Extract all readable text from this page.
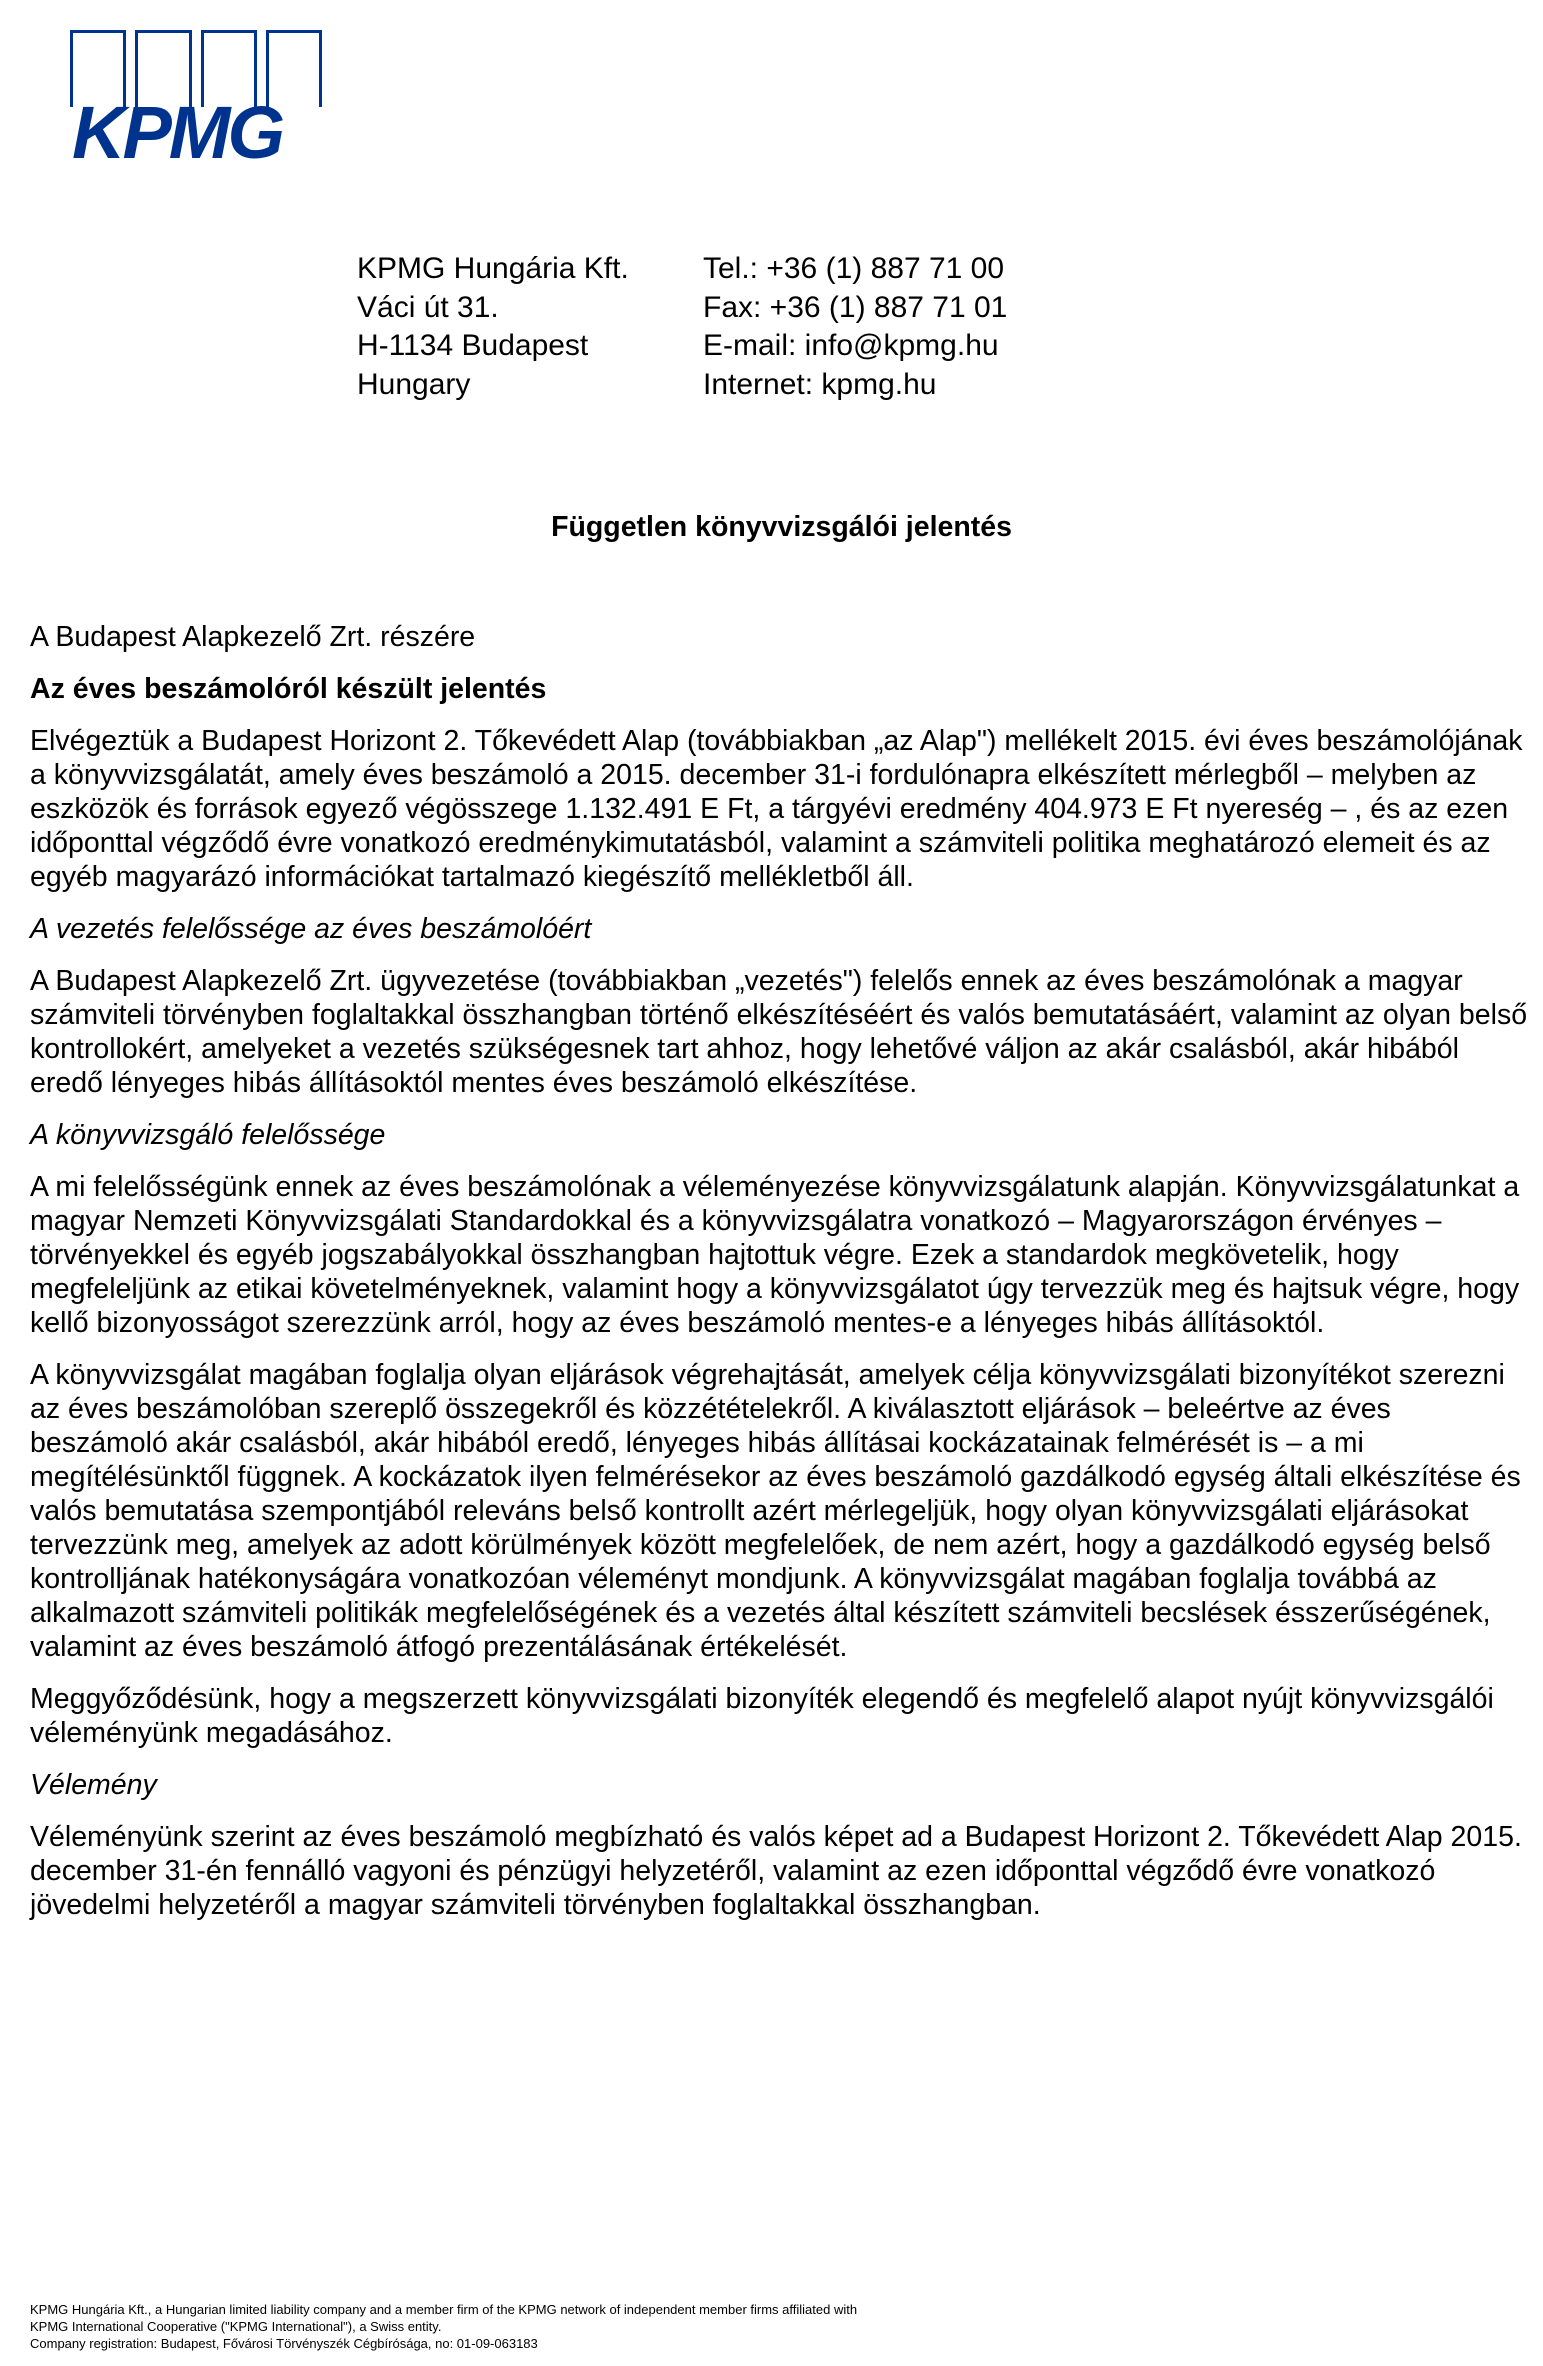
KPMG
KPMG Hungária Kft.	Tel.: +36 (1) 887 71 00
Váci út 31.	Fax: +36 (1) 887 71 01
H-1134 Budapest	E-mail: info@kpmg.hu
Hungary	Internet: kpmg.hu
Független könyvvizsgálói jelentés

A Budapest Alapkezelő Zrt. részére

Az éves beszámolóról készült jelentés

Elvégeztük a Budapest Horizont 2. Tőkevédett Alap (továbbiakban „az Alap") mellékelt 2015. évi éves beszámolójának a könyvvizsgálatát, amely éves beszámoló a 2015. december 31-i fordulónapra elkészített mérlegből – melyben az eszközök és források egyező végösszege 1.132.491 E Ft, a tárgyévi eredmény 404.973 E Ft nyereség – , és az ezen időponttal végződő évre vonatkozó eredménykimutatásból, valamint a számviteli politika meghatározó elemeit és az egyéb magyarázó információkat tartalmazó kiegészítő mellékletből áll.

A vezetés felelőssége az éves beszámolóért

A Budapest Alapkezelő Zrt. ügyvezetése (továbbiakban „vezetés") felelős ennek az éves beszámolónak a magyar számviteli törvényben foglaltakkal összhangban történő elkészítéséért és valós bemutatásáért, valamint az olyan belső kontrollokért, amelyeket a vezetés szükségesnek tart ahhoz, hogy lehetővé váljon az akár csalásból, akár hibából eredő lényeges hibás állításoktól mentes éves beszámoló elkészítése.

A könyvvizsgáló felelőssége

A mi felelősségünk ennek az éves beszámolónak a véleményezése könyvvizsgálatunk alapján. Könyvvizsgálatunkat a magyar Nemzeti Könyvvizsgálati Standardokkal és a könyvvizsgálatra vonatkozó – Magyarországon érvényes – törvényekkel és egyéb jogszabályokkal összhangban hajtottuk végre. Ezek a standardok megkövetelik, hogy megfeleljünk az etikai követelményeknek, valamint hogy a könyvvizsgálatot úgy tervezzük meg és hajtsuk végre, hogy kellő bizonyosságot szerezzünk arról, hogy az éves beszámoló mentes-e a lényeges hibás állításoktól.

A könyvvizsgálat magában foglalja olyan eljárások végrehajtását, amelyek célja könyvvizsgálati bizonyítékot szerezni az éves beszámolóban szereplő összegekről és közzétételekről. A kiválasztott eljárások – beleértve az éves beszámoló akár csalásból, akár hibából eredő, lényeges hibás állításai kockázatainak felmérését is – a mi megítélésünktől függnek. A kockázatok ilyen felmérésekor az éves beszámoló gazdálkodó egység általi elkészítése és valós bemutatása szempontjából releváns belső kontrollt azért mérlegeljük, hogy olyan könyvvizsgálati eljárásokat tervezzünk meg, amelyek az adott körülmények között megfelelőek, de nem azért, hogy a gazdálkodó egység belső kontrolljának hatékonyságára vonatkozóan véleményt mondjunk. A könyvvizsgálat magában foglalja továbbá az alkalmazott számviteli politikák megfelelőségének és a vezetés által készített számviteli becslések ésszerűségének, valamint az éves beszámoló átfogó prezentálásának értékelését.

Meggyőződésünk, hogy a megszerzett könyvvizsgálati bizonyíték elegendő és megfelelő alapot nyújt könyvvizsgálói véleményünk megadásához.

Vélemény

Véleményünk szerint az éves beszámoló megbízható és valós képet ad a Budapest Horizont 2. Tőkevédett Alap 2015. december 31-én fennálló vagyoni és pénzügyi helyzetéről, valamint az ezen időponttal végződő évre vonatkozó jövedelmi helyzetéről a magyar számviteli törvényben foglaltakkal összhangban.

KPMG Hungária Kft., a Hungarian limited liability company and a member firm of the KPMG network of independent member firms affiliated with

KPMG International Cooperative ("KPMG International"), a Swiss entity.

Company registration: Budapest, Fővárosi Törvényszék Cégbírósága, no: 01-09-063183
